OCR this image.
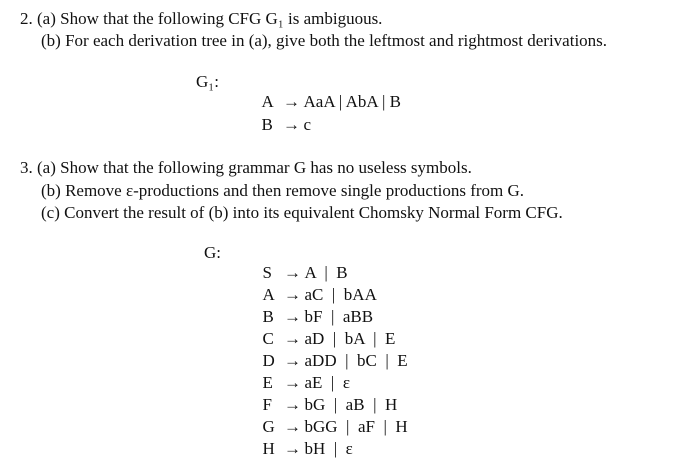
2. (a) Show that the following CFG G₁ is ambiguous.
(b) For each derivation tree in (a), give both the leftmost and rightmost derivations.
G₁:

A → AaA | AbA | B

B → c

3. (a) Show that the following grammar G has no useless symbols.
(b) Remove ε-productions and then remove single productions from G.
(c) Convert the result of (b) into its equivalent Chomsky Normal Form CFG.
G:

S → A  |  B

A → aC  |  bAA

B → bF  |  aBB

C → aD  |  bA  |  E

D → aDD  |  bC  |  E

E → aE  |  ε

F → bG  |  aB  |  H

G → bGG  |  aF  |  H

H → bH  |  ε
